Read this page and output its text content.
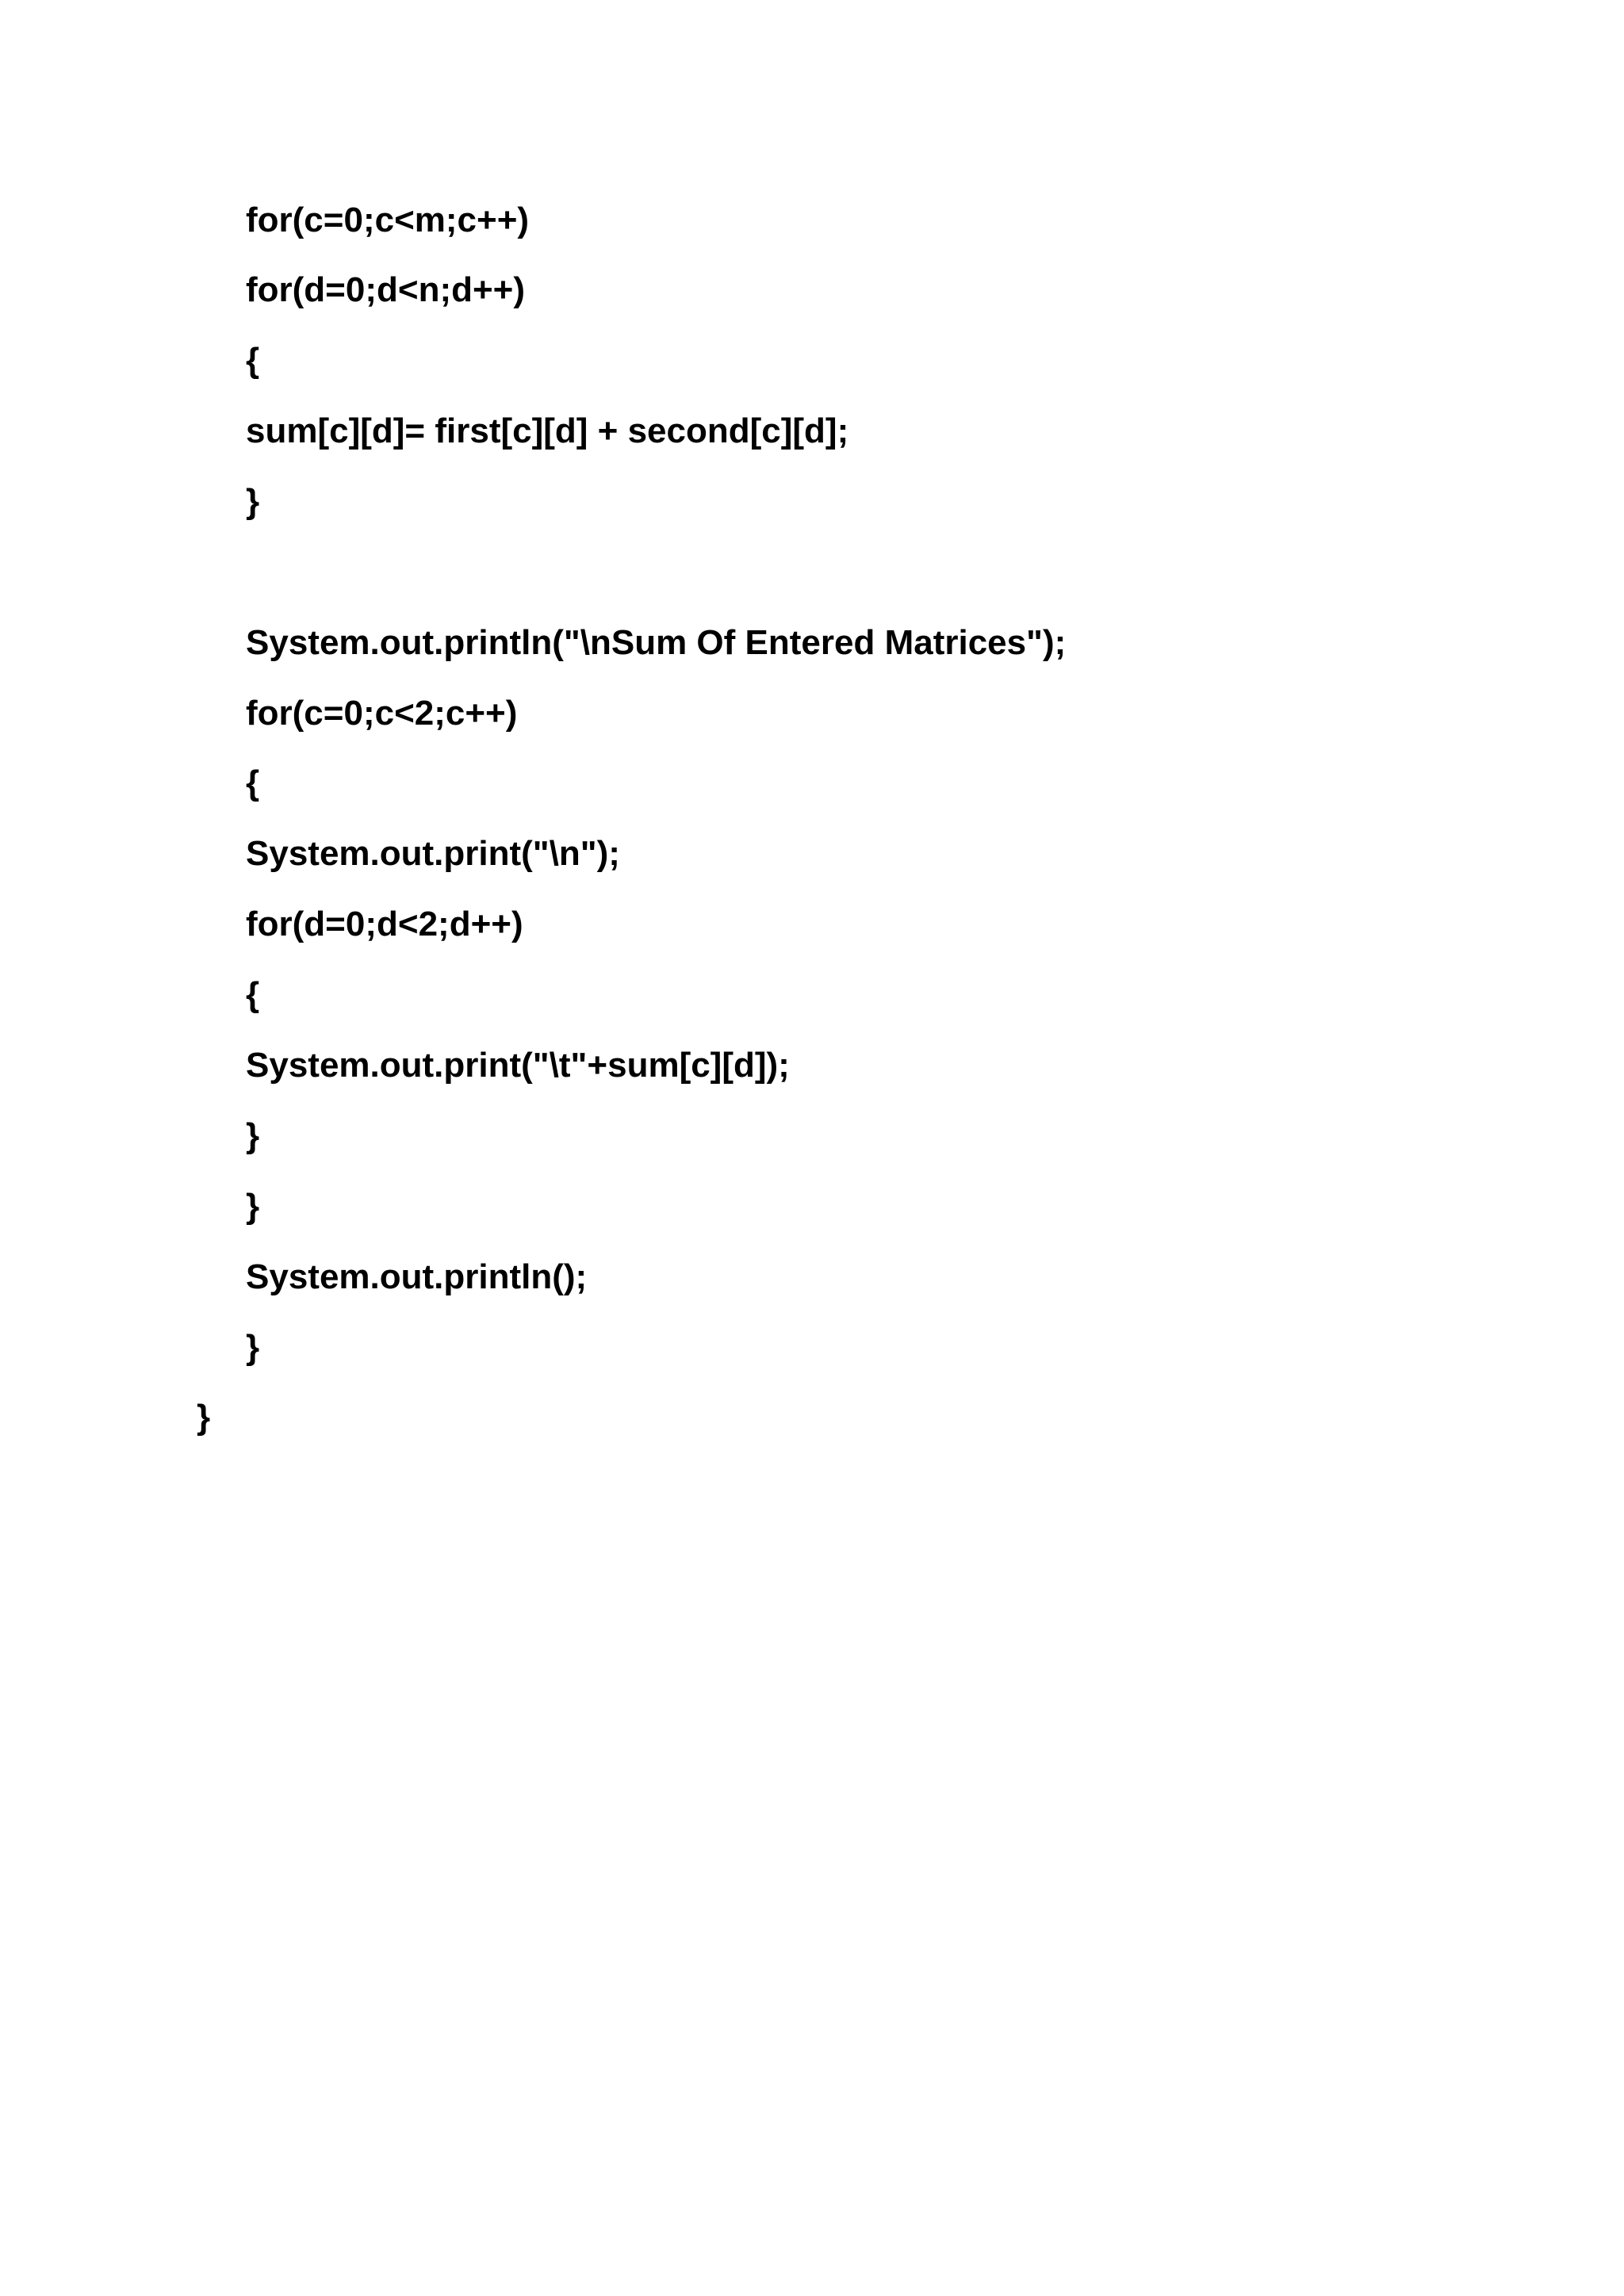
for(c=0;c<m;c++)

for(d=0;d<n;d++)

{

sum[c][d]= first[c][d] + second[c][d];

}

System.out.println("\nSum Of Entered Matrices");

for(c=0;c<2;c++)

{

System.out.print("\n");

for(d=0;d<2;d++)

{

System.out.print("\t"+sum[c][d]);

}

}

System.out.println();

}

}
